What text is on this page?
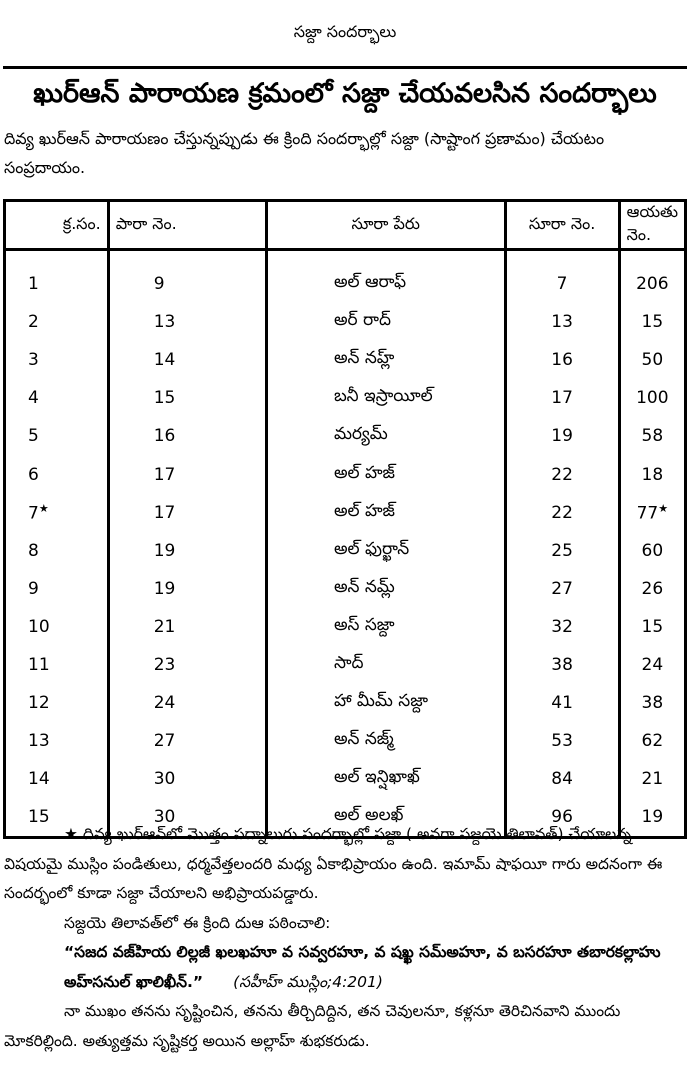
సజ్దా సందర్భాలు
ఖుర్‌ఆన్ పారాయణ క్రమంలో సజ్దా చేయవలసిన సందర్భాలు
దివ్య ఖుర్‌ఆన్ పారాయణం చేస్తున్నప్పుడు ఈ క్రింది సందర్భాల్లో సజ్దా (సాష్టాంగ ప్రణామం) చేయటం సంప్రదాయం.
క్ర.సం.	పారా నెం.	సూరా పేరు	సూరా నెం.	ఆయతు నెం.
1	9	అల్ ఆరాఫ్	7	206
2	13	అర్ రాద్	13	15
3	14	అన్ నహ్ల్	16	50
4	15	బనీ ఇస్రాయీల్	17	100
5	16	మర్యమ్	19	58
6	17	అల్ హజ్	22	18
7★	17	అల్ హజ్	22	77★
8	19	అల్ ఫుర్ఖాన్	25	60
9	19	అన్ నమ్ల్	27	26
10	21	అస్ సజ్దా	32	15
11	23	సాద్	38	24
12	24	హా మీమ్ సజ్దా	41	38
13	27	అన్ నజ్మ్	53	62
14	30	అల్ ఇన్షిఖాఖ్	84	21
15	30	అల్ అలఖ్	96	19

★ దివ్య ఖుర్‌ఆన్‌లో మొత్తం పద్నాలుగు సందర్భాల్లో సజ్దా ( అనగా సజ్దయె తిలావత్) చేయాలన్న విషయమై ముస్లిం పండితులు, ధర్మవేత్తలందరి మధ్య ఏకాభిప్రాయం ఉంది. ఇమామ్ షాఫయీ గారు అదనంగా ఈ సందర్భంలో కూడా సజ్దా చేయాలని అభిప్రాయపడ్డారు.

సజ్దయె తిలావత్‌లో ఈ క్రింది దుఆ పఠించాలి:

“సజద వజ్‌హియ లిల్లజీ ఖలఖహూ వ సవ్వరహూ, వ షఖ్ఖ సమ్‌అహూ, వ బసరహూ తబారకల్లాహు అహ్‌సనుల్ ఖాలిఖీన్.” (సహీహ్ ముస్లిం;4:201)

నా ముఖం తనను సృష్టించిన, తనను తీర్చిదిద్దిన, తన చెవులనూ, కళ్లనూ తెరిచినవాని ముందు మోకరిల్లింది. అత్యుత్తమ సృష్టికర్త అయిన అల్లాహ్ శుభకరుడు.
